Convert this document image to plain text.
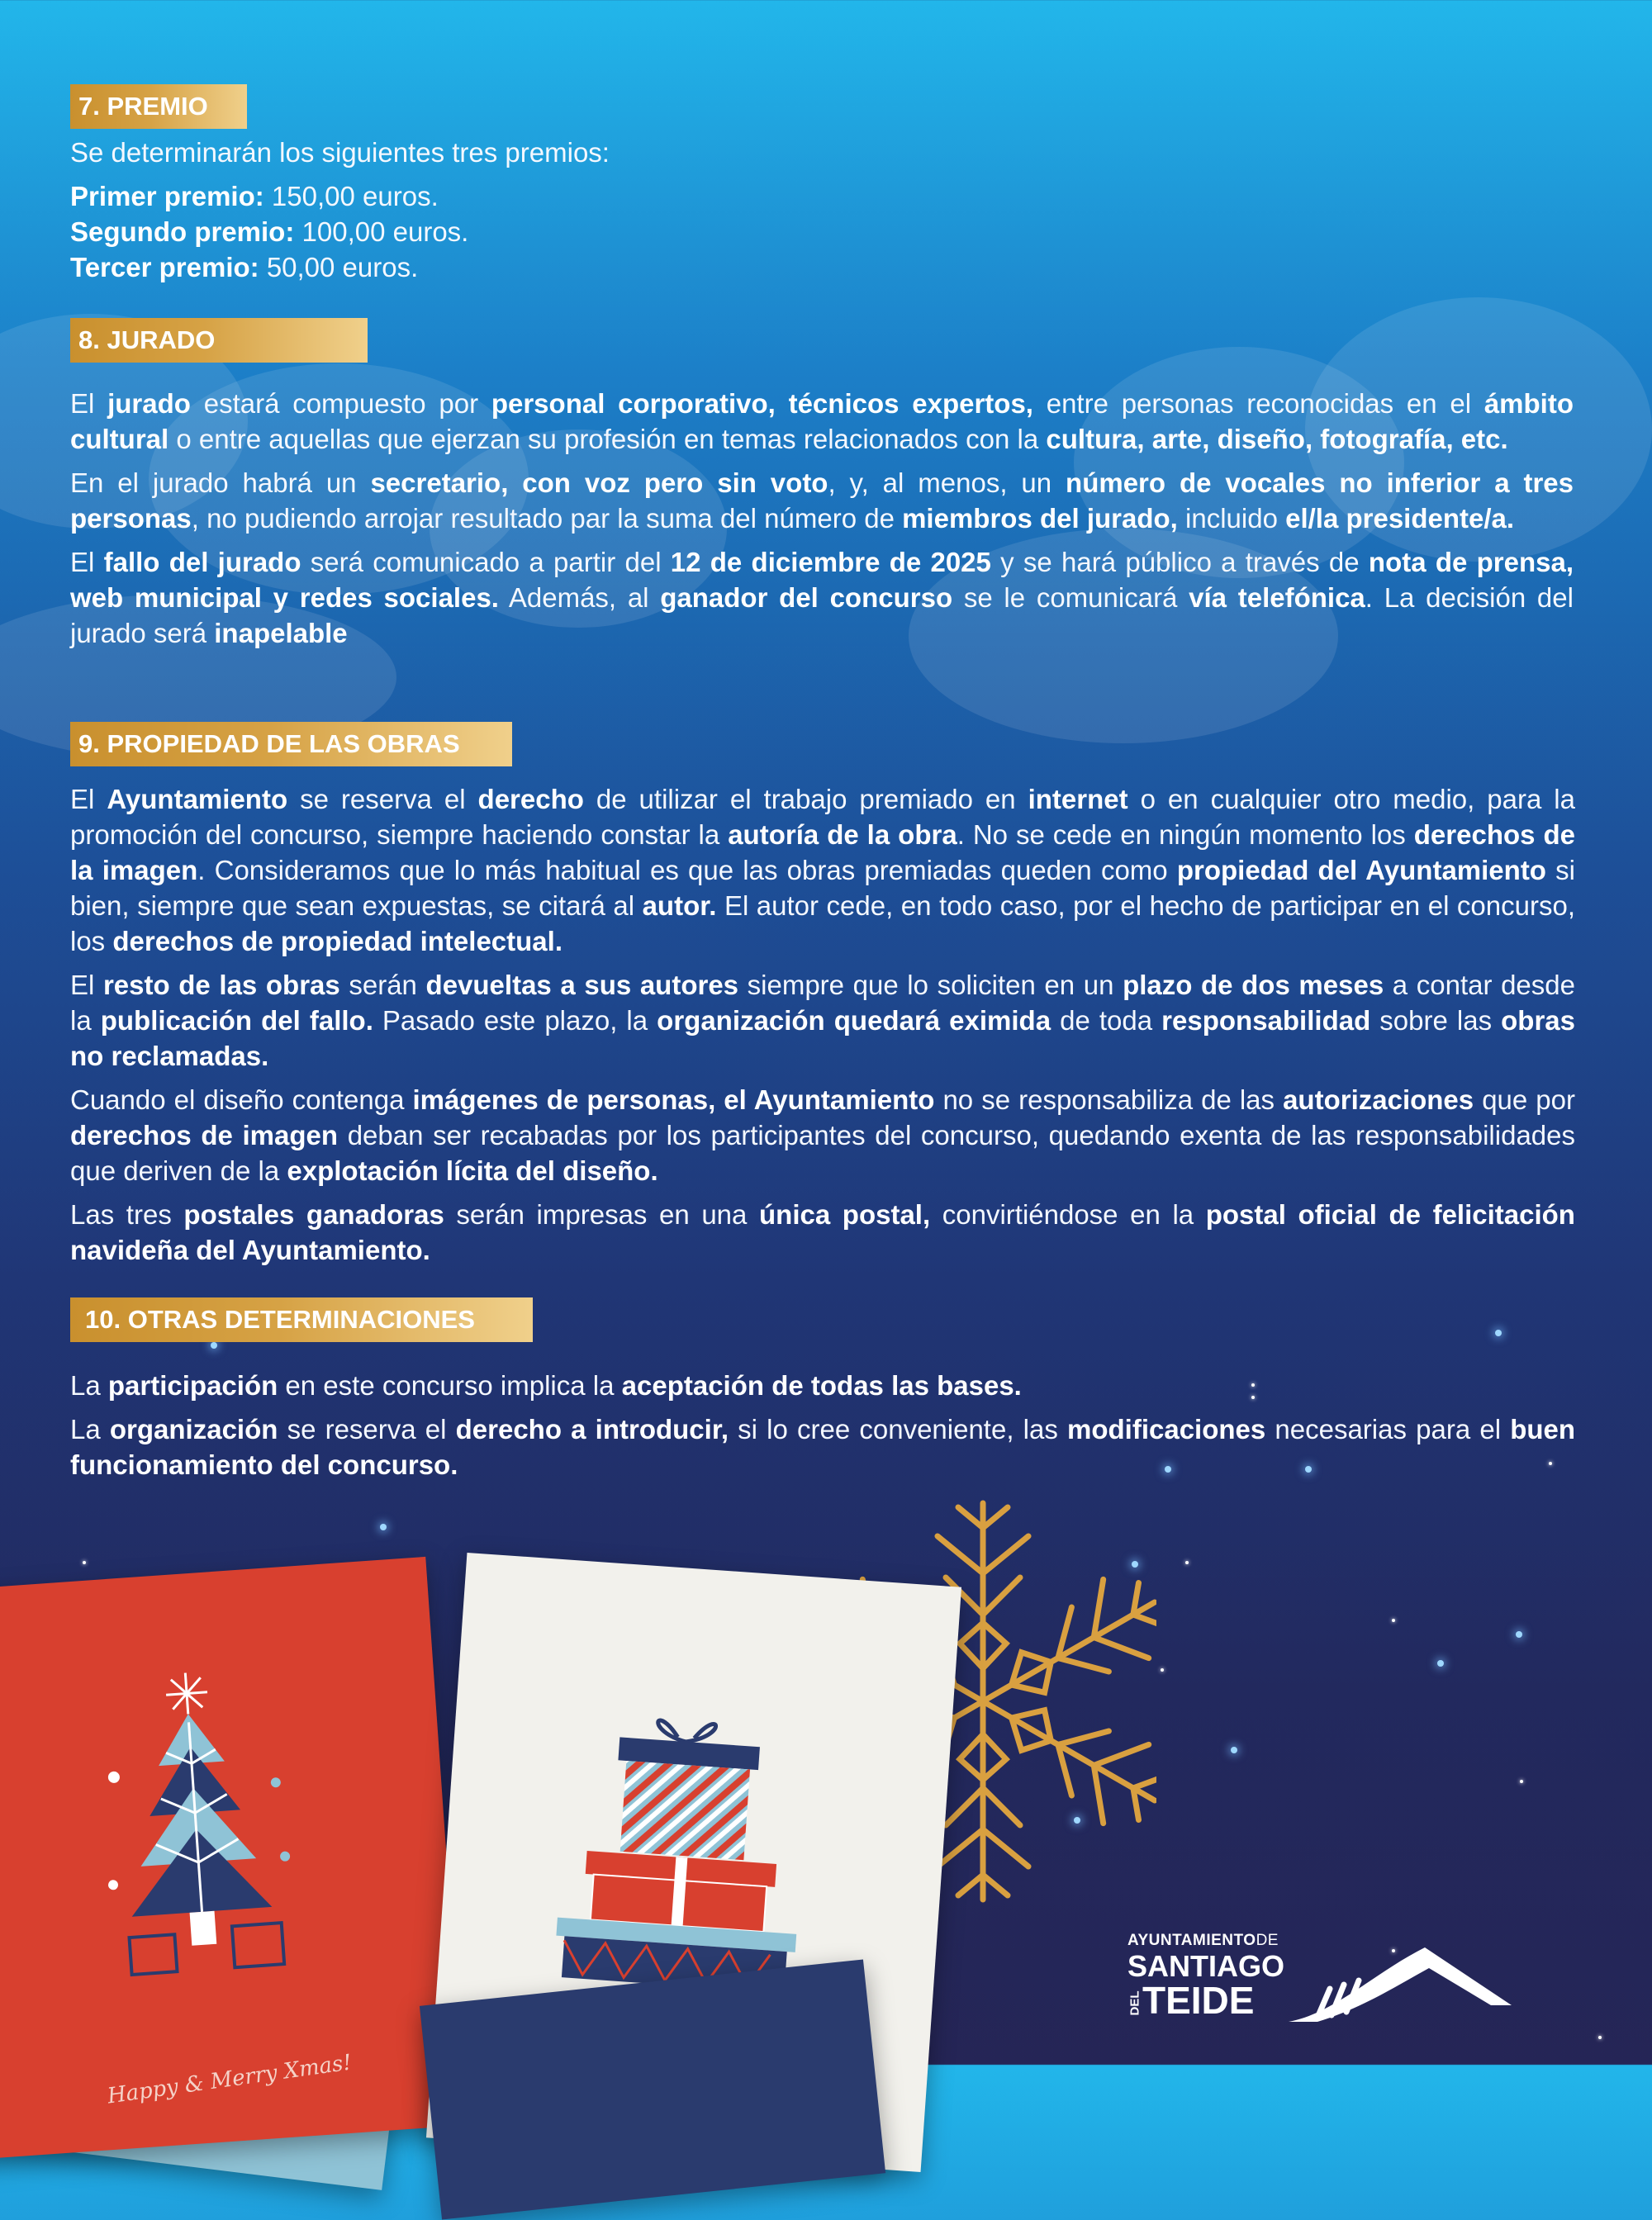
7. PREMIO

Se determinarán los siguientes tres premios:

Primer premio: 150,00 euros.

Segundo premio: 100,00 euros.

Tercer premio: 50,00 euros.

8. JURADO

El jurado estará compuesto por personal corporativo, técnicos expertos, entre personas reconocidas en el ámbito cultural o entre aquellas que ejerzan su profesión en temas relacionados con la cultura, arte, diseño, fotografía, etc.

En el jurado habrá un secretario, con voz pero sin voto, y, al menos, un número de vocales no inferior a tres personas, no pudiendo arrojar resultado par la suma del número de miembros del jurado, incluido el/la presidente/a.

El fallo del jurado será comunicado a partir del 12 de diciembre de 2025 y se hará público a través de nota de prensa, web municipal y redes sociales. Además, al ganador del concurso se le comunicará vía telefónica. La decisión del jurado será inapelable

9. PROPIEDAD DE LAS OBRAS

El Ayuntamiento se reserva el derecho de utilizar el trabajo premiado en internet o en cualquier otro medio, para la promoción del concurso, siempre haciendo constar la autoría de la obra. No se cede en ningún momento los derechos de la imagen. Consideramos que lo más habitual es que las obras premiadas queden como propiedad del Ayuntamiento si bien, siempre que sean expuestas, se citará al autor. El autor cede, en todo caso, por el hecho de participar en el concurso, los derechos de propiedad intelectual.

El resto de las obras serán devueltas a sus autores siempre que lo soliciten en un plazo de dos meses a contar desde la publicación del fallo. Pasado este plazo, la organización quedará eximida de toda responsabilidad sobre las obras no reclamadas.

Cuando el diseño contenga imágenes de personas, el Ayuntamiento no se responsabiliza de las autorizaciones que por derechos de imagen deban ser recabadas por los participantes del concurso, quedando exenta de las responsabilidades que deriven de la explotación lícita del diseño.

Las tres postales ganadoras serán impresas en una única postal, convirtiéndose en la postal oficial de felicitación navideña del Ayuntamiento.

10. OTRAS DETERMINACIONES

La participación en este concurso implica la aceptación de todas las bases.

La organización se reserva el derecho a introducir, si lo cree conveniente, las modificaciones necesarias para el buen funcionamiento del concurso.

Happy & Merry Xmas!
AYUNTAMIENTODE
SANTIAGO
DELTEIDE
